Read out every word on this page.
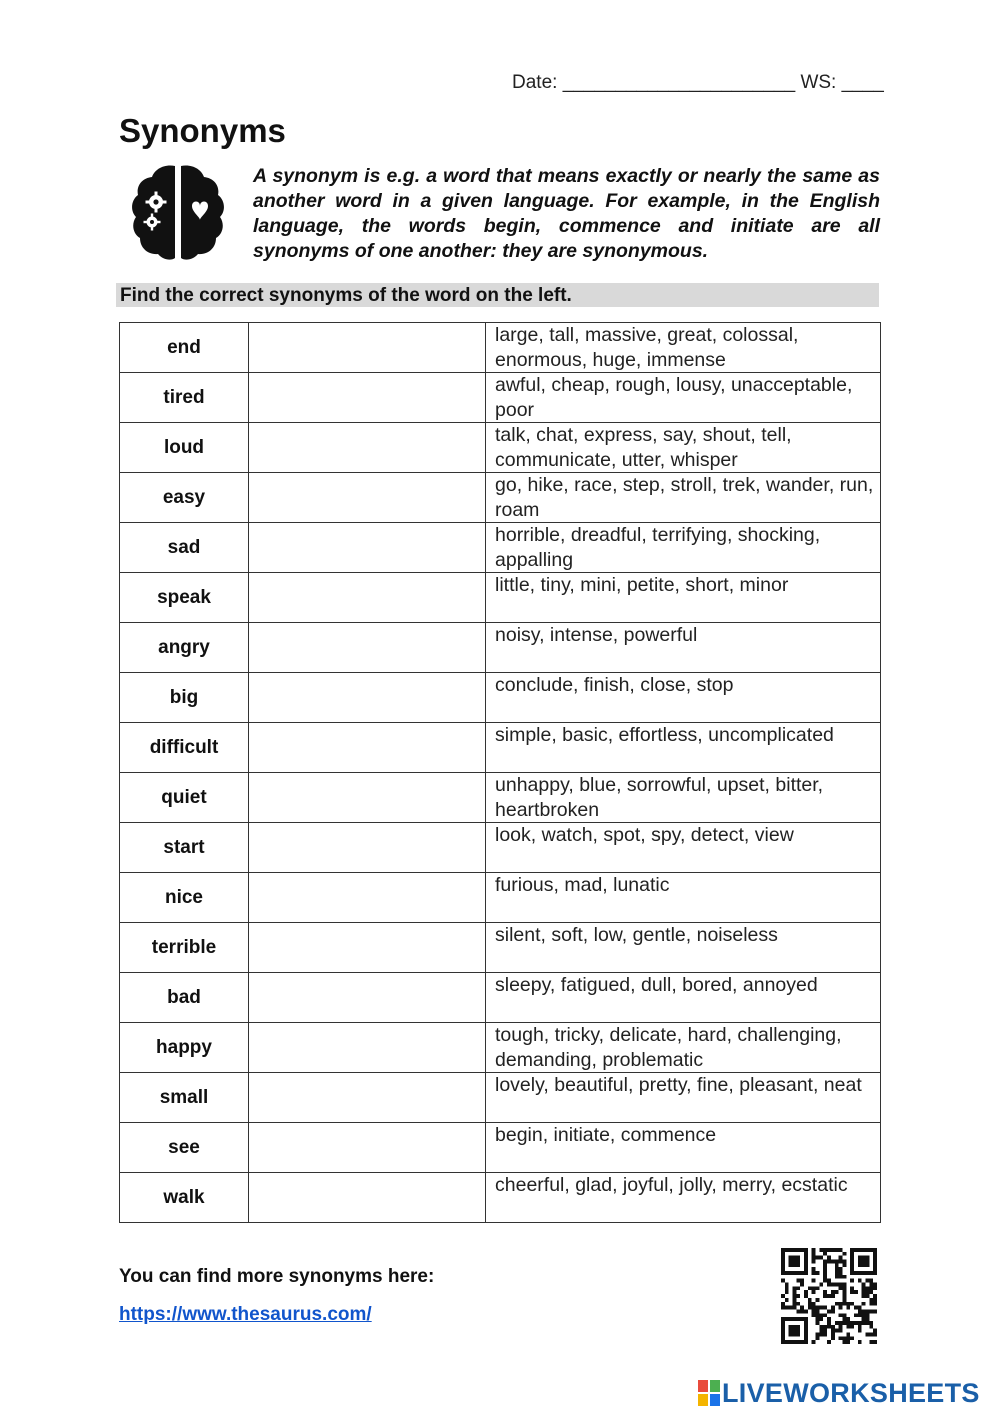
Date: ______________________ WS: ____
Synonyms
A synonym is e.g. a word that means exactly or nearly the same as another word in a given language. For example, in the English language, the words begin, commence and initiate are all synonyms of one another: they are synonymous.
Find the correct synonyms of the word on the left.
end		large, tall, massive, great, colossal, enormous, huge, immense
tired		awful, cheap, rough, lousy, unacceptable, poor
loud		talk, chat, express, say, shout, tell, communicate, utter, whisper
easy		go, hike, race, step, stroll, trek, wander, run, roam
sad		horrible, dreadful, terrifying, shocking, appalling
speak		little, tiny, mini, petite, short, minor
angry		noisy, intense, powerful
big		conclude, finish, close, stop
difficult		simple, basic, effortless, uncomplicated
quiet		unhappy, blue, sorrowful, upset, bitter, heartbroken
start		look, watch, spot, spy, detect, view
nice		furious, mad, lunatic
terrible		silent, soft, low, gentle, noiseless
bad		sleepy, fatigued, dull, bored, annoyed
happy		tough, tricky, delicate, hard, challenging, demanding, problematic
small		lovely, beautiful, pretty, fine, pleasant, neat
see		begin, initiate, commence
walk		cheerful, glad, joyful, jolly, merry, ecstatic
You can find more synonyms here:
https://www.thesaurus.com/
LIVEWORKSHEETS
